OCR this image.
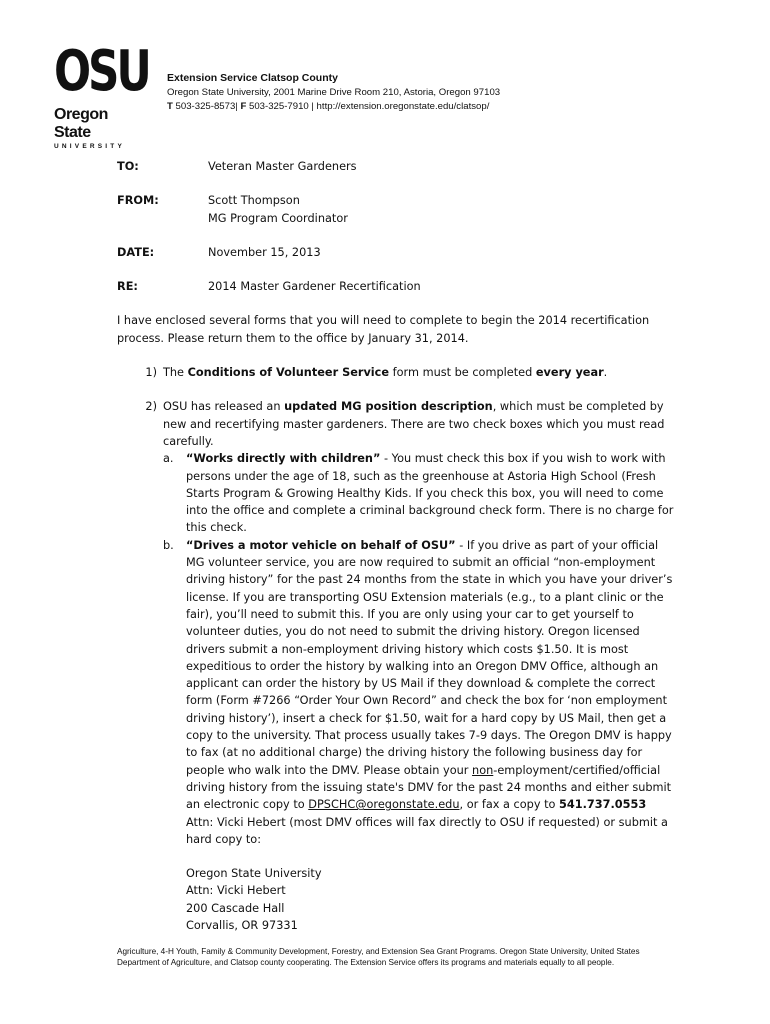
OSU
Oregon State
UNIVERSITY
Extension Service Clatsop County
Oregon State University, 2001 Marine Drive Room 210, Astoria, Oregon 97103
T 503-325-8573| F 503-325-7910 | http://extension.oregonstate.edu/clatsop/
TO:	Veteran Master Gardeners
FROM:	Scott Thompson
MG Program Coordinator
DATE:	November 15, 2013
RE:	2014 Master Gardener Recertification

I have enclosed several forms that you will need to complete to begin the 2014 recertification process. Please return them to the office by January 31, 2014.

1) The Conditions of Volunteer Service form must be completed every year.
2) OSU has released an updated MG position description, which must be completed by new and recertifying master gardeners. There are two check boxes which you must read carefully.
a.	“Works directly with children” - You must check this box if you wish to work with persons under the age of 18, such as the greenhouse at Astoria High School (Fresh Starts Program & Growing Healthy Kids. If you check this box, you will need to come into the office and complete a criminal background check form. There is no charge for this check.
b.	“Drives a motor vehicle on behalf of OSU” - If you drive as part of your official MG volunteer service, you are now required to submit an official “non-employment driving history” for the past 24 months from the state in which you have your driver’s license. If you are transporting OSU Extension materials (e.g., to a plant clinic or the fair), you’ll need to submit this. If you are only using your car to get yourself to volunteer duties, you do not need to submit the driving history. Oregon licensed drivers submit a non-employment driving history which costs $1.50. It is most expeditious to order the history by walking into an Oregon DMV Office, although an applicant can order the history by US Mail if they download & complete the correct form (Form #7266 “Order Your Own Record” and check the box for ‘non employment driving history’), insert a check for $1.50, wait for a hard copy by US Mail, then get a copy to the university. That process usually takes 7-9 days. The Oregon DMV is happy to fax (at no additional charge) the driving history the following business day for people who walk into the DMV. Please obtain your non-employment/certified/official driving history from the issuing state's DMV for the past 24 months and either submit an electronic copy to DPSCHC@oregonstate.edu, or fax a copy to 541.737.0553 Attn: Vicki Hebert (most DMV offices will fax directly to OSU if requested) or submit a hard copy to:
Oregon State University
Attn: Vicki Hebert
200 Cascade Hall
Corvallis, OR 97331
Agriculture, 4-H Youth, Family & Community Development, Forestry, and Extension Sea Grant Programs. Oregon State University, United States Department of Agriculture, and Clatsop county cooperating. The Extension Service offers its programs and materials equally to all people.
